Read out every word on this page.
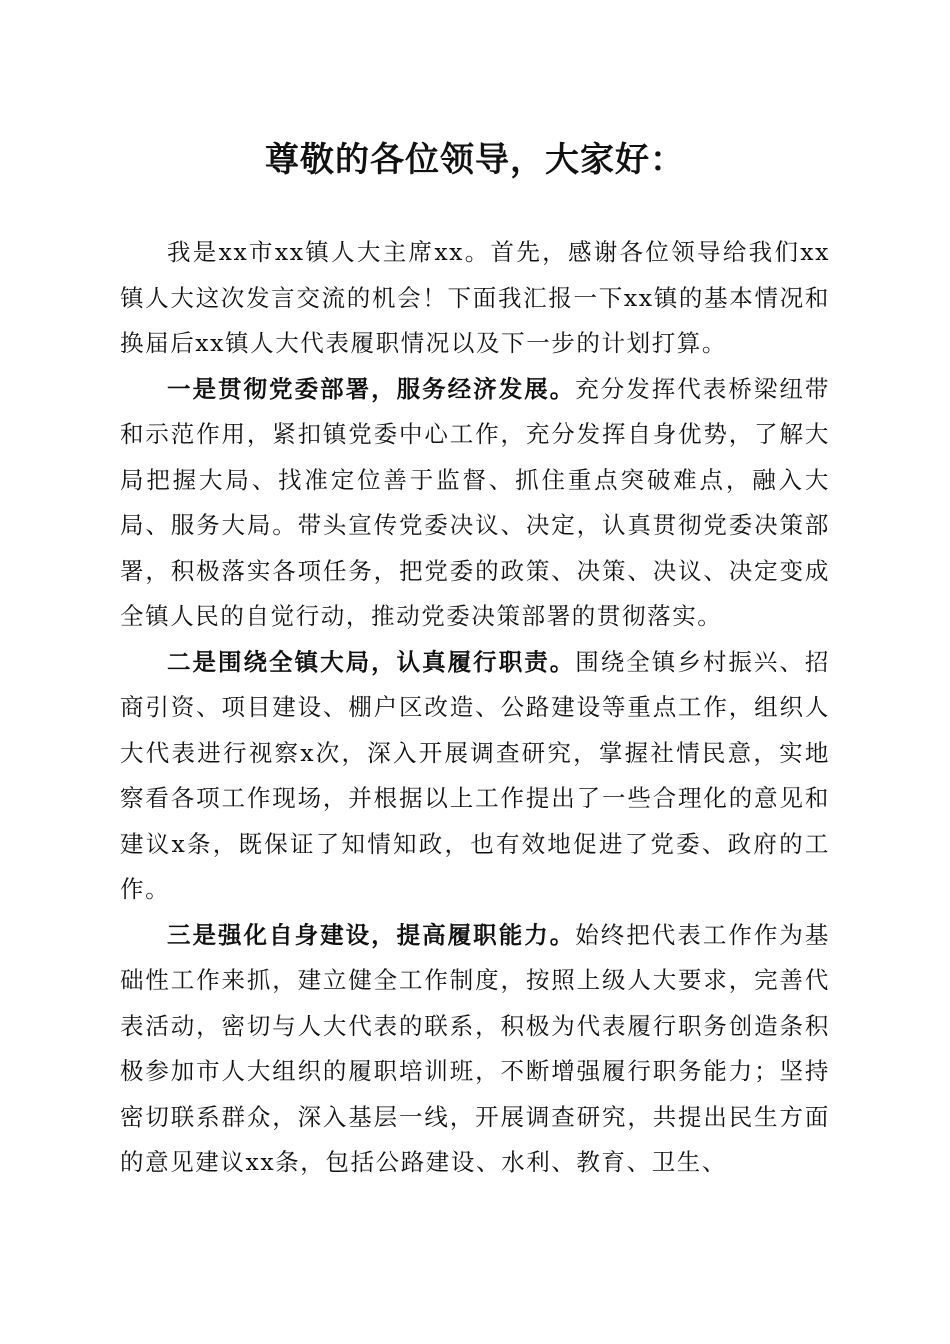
尊敬的各位领导，大家好：

我是xx市xx镇人大主席xx。首先，感谢各位领导给我们xx镇人大这次发言交流的机会！下面我汇报一下xx镇的基本情况和换届后xx镇人大代表履职情况以及下一步的计划打算。

一是贯彻党委部署，服务经济发展。充分发挥代表桥梁纽带和示范作用，紧扣镇党委中心工作，充分发挥自身优势，了解大局把握大局、找准定位善于监督、抓住重点突破难点，融入大局、服务大局。带头宣传党委决议、决定，认真贯彻党委决策部署，积极落实各项任务，把党委的政策、决策、决议、决定变成全镇人民的自觉行动，推动党委决策部署的贯彻落实。

二是围绕全镇大局，认真履行职责。围绕全镇乡村振兴、招商引资、项目建设、棚户区改造、公路建设等重点工作，组织人大代表进行视察x次，深入开展调查研究，掌握社情民意，实地察看各项工作现场，并根据以上工作提出了一些合理化的意见和建议x条，既保证了知情知政，也有效地促进了党委、政府的工作。

三是强化自身建设，提高履职能力。始终把代表工作作为基础性工作来抓，建立健全工作制度，按照上级人大要求，完善代表活动，密切与人大代表的联系，积极为代表履行职务创造条积极参加市人大组织的履职培训班，不断增强履行职务能力；坚持密切联系群众，深入基层一线，开展调查研究，共提出民生方面的意见建议xx条，包括公路建设、水利、教育、卫生、
